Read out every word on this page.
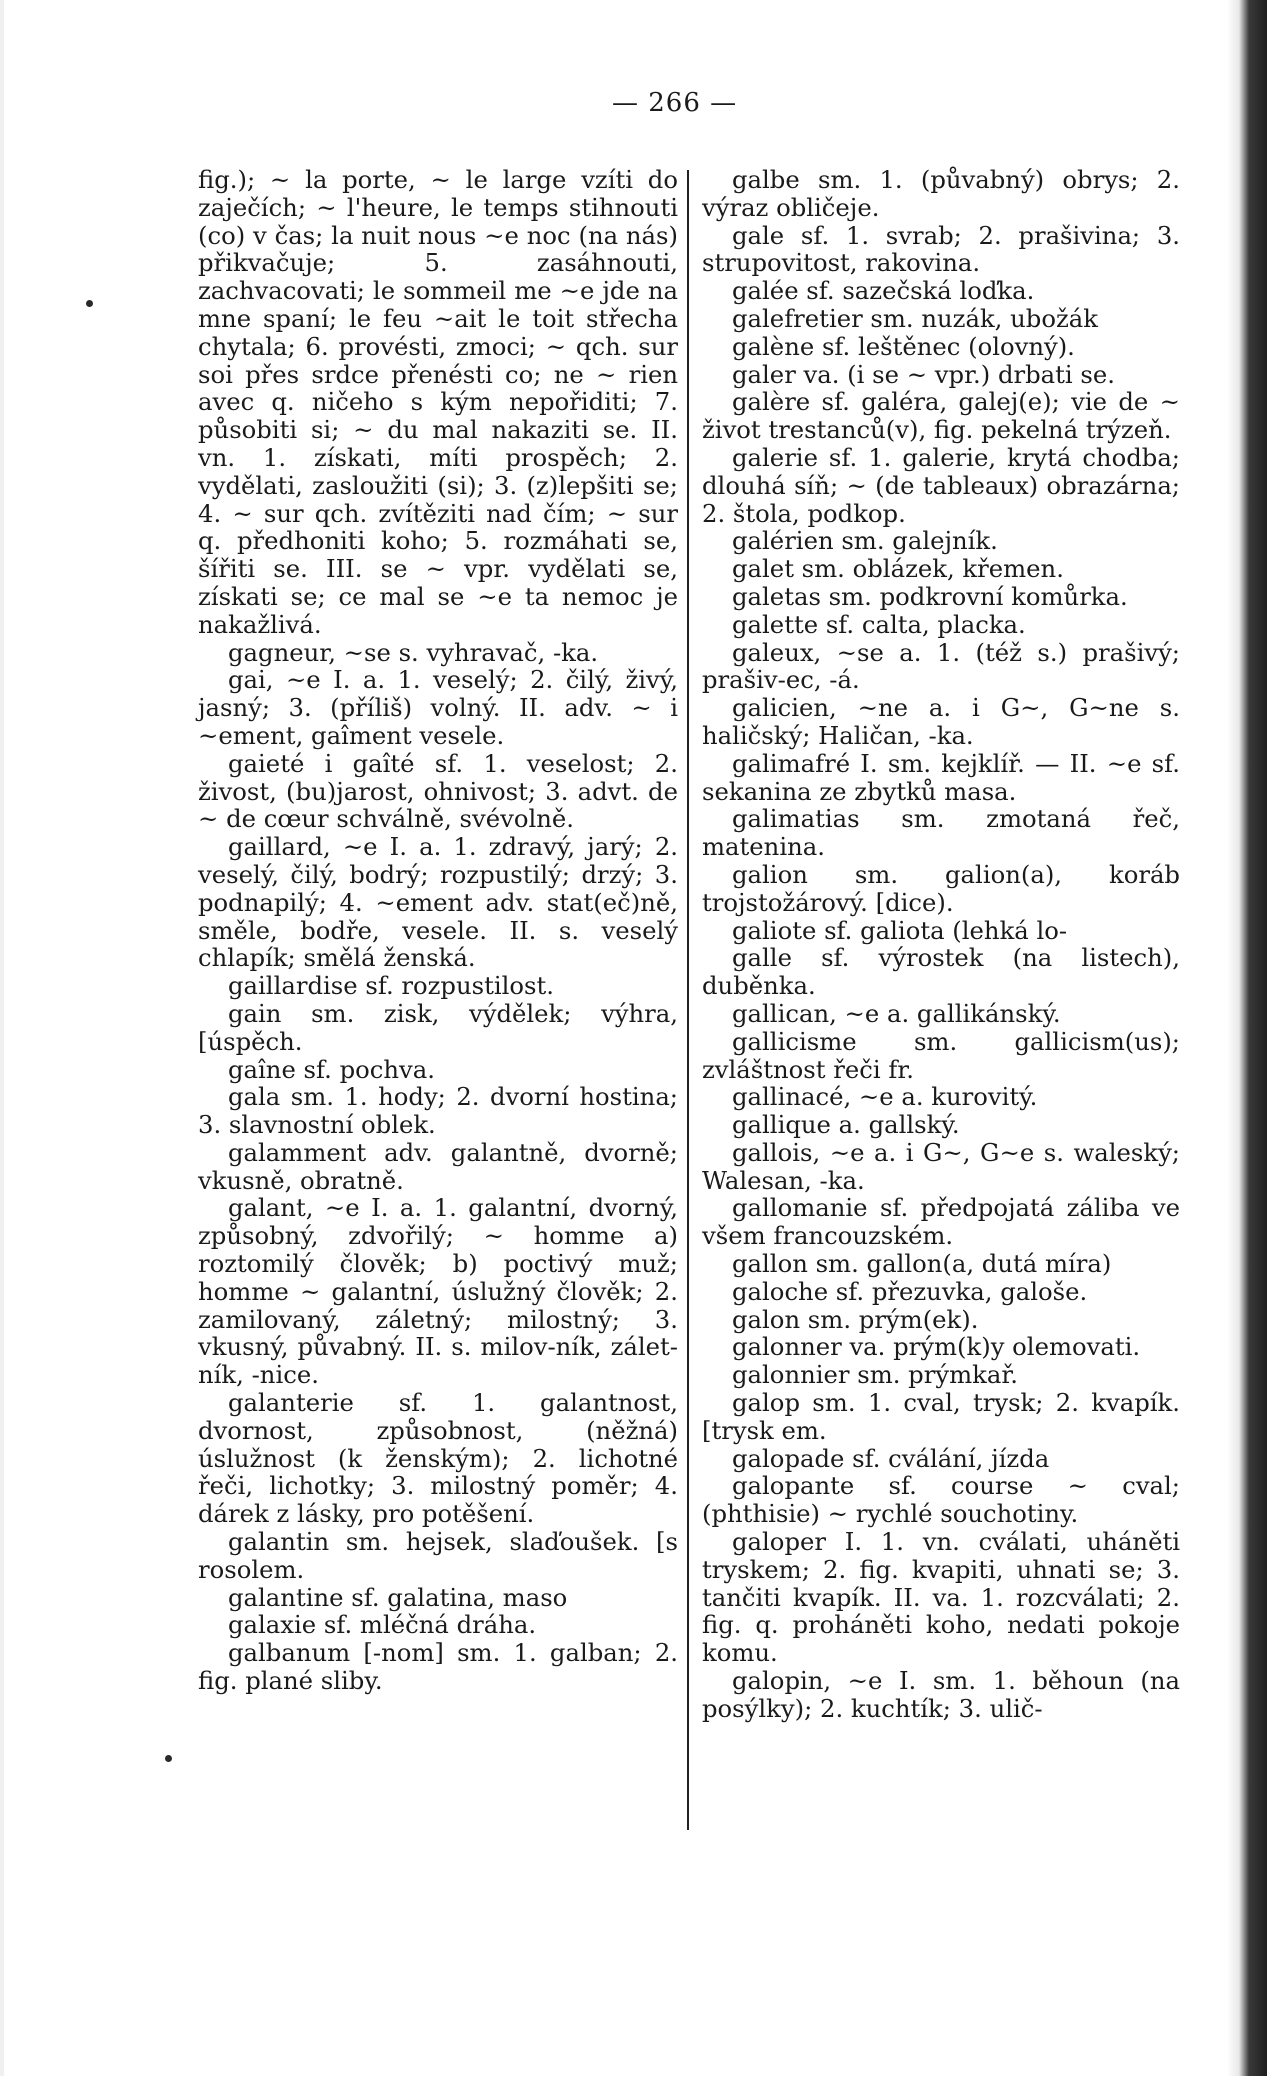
— 266 —

fig.); ~ la porte, ~ le large vzíti do zaječích; ~ l'heure, le temps stihnouti (co) v čas; la nuit nous ~e noc (na nás) přikvačuje; 5. zasáhnouti, zachvacovati; le sommeil me ~e jde na mne spaní; le feu ~ait le toit střecha chytala; 6. provésti, zmoci; ~ qch. sur soi přes srdce přenésti co; ne ~ rien avec q. ničeho s kým nepořiditi; 7. působiti si; ~ du mal nakaziti se. II. vn. 1. získati, míti prospěch; 2. vydělati, zasloužiti (si); 3. (z)lepšiti se; 4. ~ sur qch. zvítěziti nad čím; ~ sur q. předhoniti koho; 5. rozmáhati se, šířiti se. III. se ~ vpr. vydělati se, získati se; ce mal se ~e ta nemoc je nakažlivá.

gagneur, ~se s. vyhravač, -ka.

gai, ~e I. a. 1. veselý; 2. čilý, živý, jasný; 3. (příliš) volný. II. adv. ~ i ~ement, gaîment vesele.

gaieté i gaîté sf. 1. veselost; 2. živost, (bu)jarost, ohnivost; 3. advt. de ~ de cœur schválně, svévolně.

gaillard, ~e I. a. 1. zdravý, jarý; 2. veselý, čilý, bodrý; rozpustilý; drzý; 3. podnapilý; 4. ~ement adv. stat(eč)ně, směle, bodře, vesele. II. s. veselý chlapík; smělá ženská.

gaillardise sf. rozpustilost.

gain sm. zisk, výdělek; výhra, [úspěch.

gaîne sf. pochva.

gala sm. 1. hody; 2. dvorní hostina; 3. slavnostní oblek.

galamment adv. galantně, dvorně; vkusně, obratně.

galant, ~e I. a. 1. galantní, dvorný, způsobný, zdvořilý; ~ homme a) roztomilý člověk; b) poctivý muž; homme ~ galantní, úslužný člověk; 2. zamilovaný, záletný; milostný; 3. vkusný, půvabný. II. s. milov-ník, zálet-ník, -nice.

galanterie sf. 1. galantnost, dvornost, způsobnost, (něžná) úslužnost (k ženským); 2. lichotné řeči, lichotky; 3. milostný poměr; 4. dárek z lásky, pro potěšení.

galantin sm. hejsek, slaďoušek. [s rosolem.

galantine sf. galatina, maso

galaxie sf. mléčná dráha.

galbanum [-nom] sm. 1. galban; 2. fig. plané sliby.

galbe sm. 1. (půvabný) obrys; 2. výraz obličeje.

gale sf. 1. svrab; 2. prašivina; 3. strupovitost, rakovina.

galée sf. sazečská loďka.

galefretier sm. nuzák, ubožák

galène sf. leštěnec (olovný).

galer va. (i se ~ vpr.) drbati se.

galère sf. galéra, galej(e); vie de ~ život trestanců(v), fig. pekelná trýzeň.

galerie sf. 1. galerie, krytá chodba; dlouhá síň; ~ (de tableaux) obrazárna; 2. štola, podkop.

galérien sm. galejník.

galet sm. oblázek, křemen.

galetas sm. podkrovní komůrka.

galette sf. calta, placka.

galeux, ~se a. 1. (též s.) prašivý; prašiv-ec, -á.

galicien, ~ne a. i G~, G~ne s. haličský; Haličan, -ka.

galimafré I. sm. kejklíř. — II. ~e sf. sekanina ze zbytků masa.

galimatias sm. zmotaná řeč, matenina.

galion sm. galion(a), koráb trojstožárový. [dice).

galiote sf. galiota (lehká lo-

galle sf. výrostek (na listech), duběnka.

gallican, ~e a. gallikánský.

gallicisme sm. gallicism(us); zvláštnost řeči fr.

gallinacé, ~e a. kurovitý.

gallique a. gallský.

gallois, ~e a. i G~, G~e s. waleský; Walesan, -ka.

gallomanie sf. předpojatá záliba ve všem francouzském.

gallon sm. gallon(a, dutá míra)

galoche sf. přezuvka, galoše.

galon sm. prým(ek).

galonner va. prým(k)y olemovati.

galonnier sm. prýmkař.

galop sm. 1. cval, trysk; 2. kvapík. [trysk em.

galopade sf. cválání, jízda

galopante sf. course ~ cval; (phthisie) ~ rychlé souchotiny.

galoper I. 1. vn. cválati, uháněti tryskem; 2. fig. kvapiti, uhnati se; 3. tančiti kvapík. II. va. 1. rozcválati; 2. fig. q. proháněti koho, nedati pokoje komu.

galopin, ~e I. sm. 1. běhoun (na posýlky); 2. kuchtík; 3. ulič-
